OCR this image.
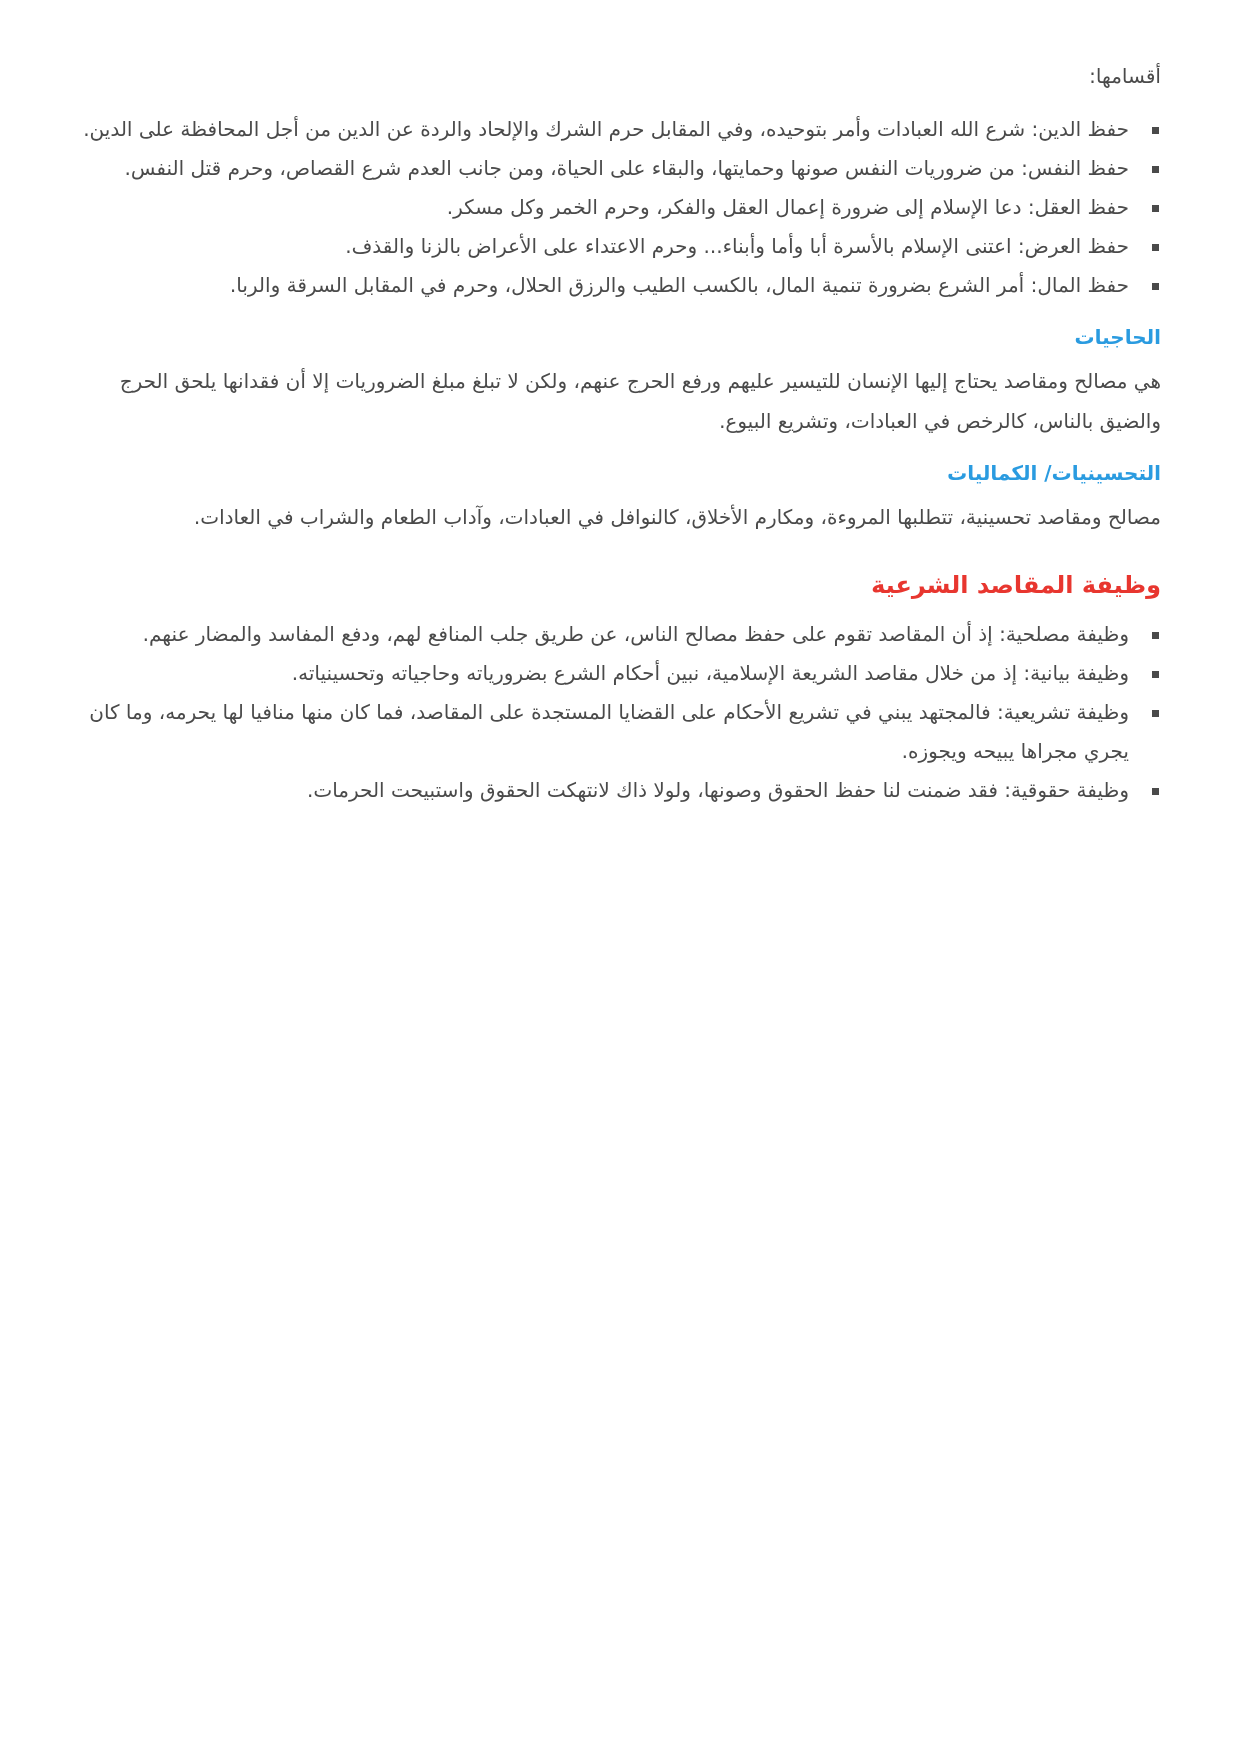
أقسامها:

حفظ الدين: شرع الله العبادات وأمر بتوحيده، وفي المقابل حرم الشرك والإلحاد والردة عن الدين من أجل المحافظة على الدين.
حفظ النفس: من ضروريات النفس صونها وحمايتها، والبقاء على الحياة، ومن جانب العدم شرع القصاص، وحرم قتل النفس.
حفظ العقل: دعا الإسلام إلى ضرورة إعمال العقل والفكر، وحرم الخمر وكل مسكر.
حفظ العرض: اعتنى الإسلام بالأسرة أبا وأما وأبناء... وحرم الاعتداء على الأعراض بالزنا والقذف.
حفظ المال: أمر الشرع بضرورة تنمية المال، بالكسب الطيب والرزق الحلال، وحرم في المقابل السرقة والربا.
الحاجيات

هي مصالح ومقاصد يحتاج إليها الإنسان للتيسير عليهم ورفع الحرج عنهم، ولكن لا تبلغ مبلغ الضروريات إلا أن فقدانها يلحق الحرج والضيق بالناس، كالرخص في العبادات، وتشريع البيوع.

التحسينيات/ الكماليات

مصالح ومقاصد تحسينية، تتطلبها المروءة، ومكارم الأخلاق، كالنوافل في العبادات، وآداب الطعام والشراب في العادات.

وظيفة المقاصد الشرعية
وظيفة مصلحية: إذ أن المقاصد تقوم على حفظ مصالح الناس، عن طريق جلب المنافع لهم، ودفع المفاسد والمضار عنهم.
وظيفة بيانية: إذ من خلال مقاصد الشريعة الإسلامية، نبين أحكام الشرع بضرورياته وحاجياته وتحسينياته.
وظيفة تشريعية: فالمجتهد يبني في تشريع الأحكام على القضايا المستجدة على المقاصد، فما كان منها منافيا لها يحرمه، وما كان يجري مجراها يبيحه ويجوزه.
وظيفة حقوقية: فقد ضمنت لنا حفظ الحقوق وصونها، ولولا ذاك لانتهكت الحقوق واستبيحت الحرمات.
